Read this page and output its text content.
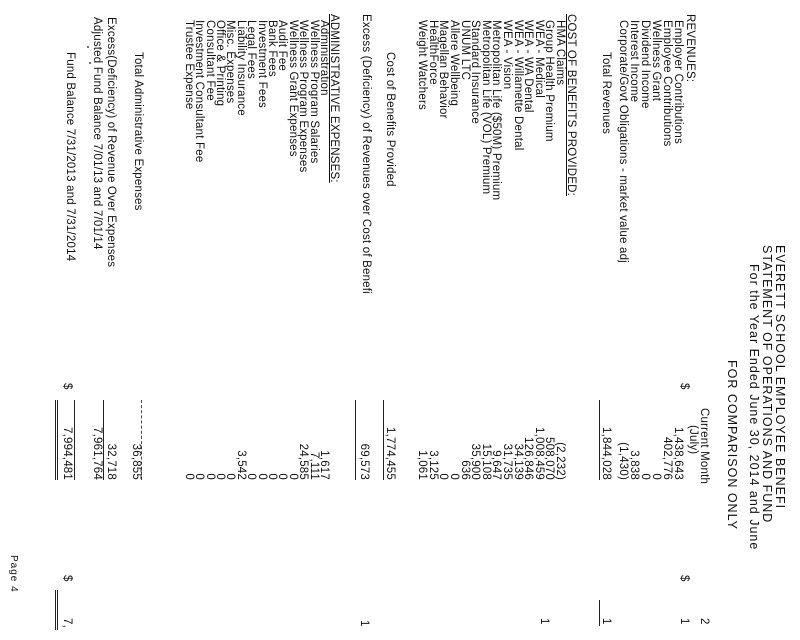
EVERETT SCHOOL EMPLOYEE BENEFI
STATEMENT OF OPERATIONS AND FUND
For the Year Ended June 30, 2014 and June
FOR COMPARISON ONLY
Current Month
(July)
2
REVENUES:
$
$
1
Employer Contributions
1,438,643
Employee Contributions
402,776
Wellness Grant
0
Dividend Income
0
Interest Income
3,838
Corporate/Govt Obligations - market value adj
(1,430)
Total Revenues
1,844,028
1
COST OF BENEFITS PROVIDED:
HMA Claims
(2,232)
Group Health Premium
508,070
WEA - Medical
1,008,459
WEA - WA Dental
126,846
WEA - Willamette Dental
34,139
WEA - Vision
31,735
Metropolitan Life ($50M) Premium
9,647
Metropolitan Life (VOL) Premium
15,108
Standard Insurance
35,900
UNUM LTC
636
Allere Wellbeing
0
Magellan Behavior
0
HealthForce
3,125
Weight Watchers
1,061
1
Cost of Benefits Provided
1,774,455
Excess (Deficiency) of Revenues over Cost of Benefi
69,573
1
ADMINISTRATIVE EXPENSES:
Administration
1,617
Wellness Program Salaries
7,111
Wellness Program Expenses
24,585
Wellness Grant Expenses
0
Audit Fee
0
Bank Fees
0
Investment Fees
0
Legal Fees
0
Liability Insurance
3,542
Misc. Expenses
0
Office & Printing
0
Consultant Fee
0
Investment Consultant Fee
0
Trustee Expense
0
Total Administrative Expenses
36,855
Excess(Deficiency) of Revenue Over Expenses
32,718
Adjusted Fund Balance 7/01/13 and 7/01/14
7,961,764
Fund Balance 7/31/2013 and 7/31/2014
$
7,994,481
$
7,
Page 4
